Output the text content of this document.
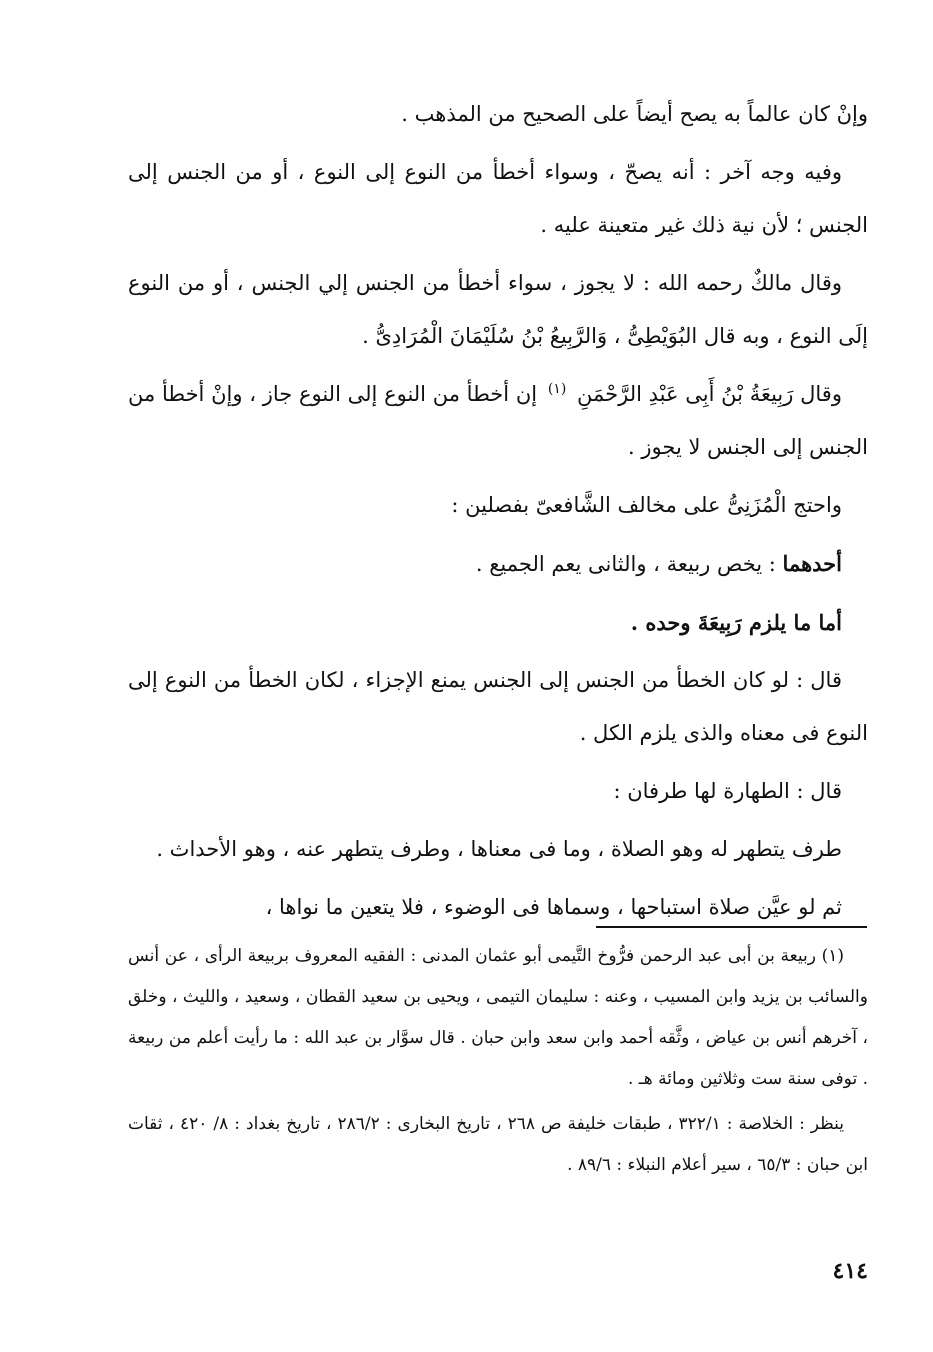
وإنْ كان عالماً به يصح أيضاً على الصحيح من المذهب .

وفيه وجه آخر : أنه يصحّ ، وسواء أخطأ من النوع إلى النوع ، أو من الجنس إلى الجنس ؛ لأن نية ذلك غير متعينة عليه .

وقال مالكٌ رحمه الله : لا يجوز ، سواء أخطأ من الجنس إلي الجنس ، أو من النوع إلَى النوع ، وبه قال البُوَيْطِىُّ ، وَالرَّبِيعُ بْنُ سُلَيْمَانَ الْمُرَادِىُّ .

وقال رَبِيعَةُ بْنُ أَبِى عَبْدِ الرَّحْمَنِ $^{(١)}$ إن أخطأ من النوع إلى النوع جاز ، وإنْ أخطأ من الجنس إلى الجنس لا يجوز .

واحتج الْمُزَنِىُّ على مخالف الشَّافعىّ بفصلين :

أحدهما : يخص ربيعة ، والثانى يعم الجميع .

أما ما يلزم رَبِيعَةَ وحده .

قال : لو كان الخطأ من الجنس إلى الجنس يمنع الإجزاء ، لكان الخطأ من النوع إلى النوع فى معناه والذى يلزم الكل .

قال : الطهارة لها طرفان :

طرف يتطهر له وهو الصلاة ، وما فى معناها ، وطرف يتطهر عنه ، وهو الأحداث .

ثم لو عيَّن صلاة استباحها ، وسماها فى الوضوء ، فلا يتعين ما نواها ،

(١) ربيعة بن أبى عبد الرحمن فرُّوخ التَّيمى أبو عثمان المدنى : الفقيه المعروف بربيعة الرأى ، عن أنس والسائب بن يزيد وابن المسيب ، وعنه : سليمان التيمى ، ويحيى بن سعيد القطان ، وسعيد ، والليث ، وخلق ، آخرهم أنس بن عياض ، وثَّقه أحمد وابن سعد وابن حبان . قال سوَّار بن عبد الله : ما رأيت أعلم من ربيعة . توفى سنة ست وثلاثين ومائة هـ .

ينظر : الخلاصة : ٣٢٢/١ ، طبقات خليفة ص ٢٦٨ ، تاريخ البخارى : ٢٨٦/٢ ، تاريخ بغداد : ٨/ ٤٢٠ ، ثقات ابن حبان : ٦٥/٣ ، سير أعلام النبلاء : ٨٩/٦ .

٤١٤
